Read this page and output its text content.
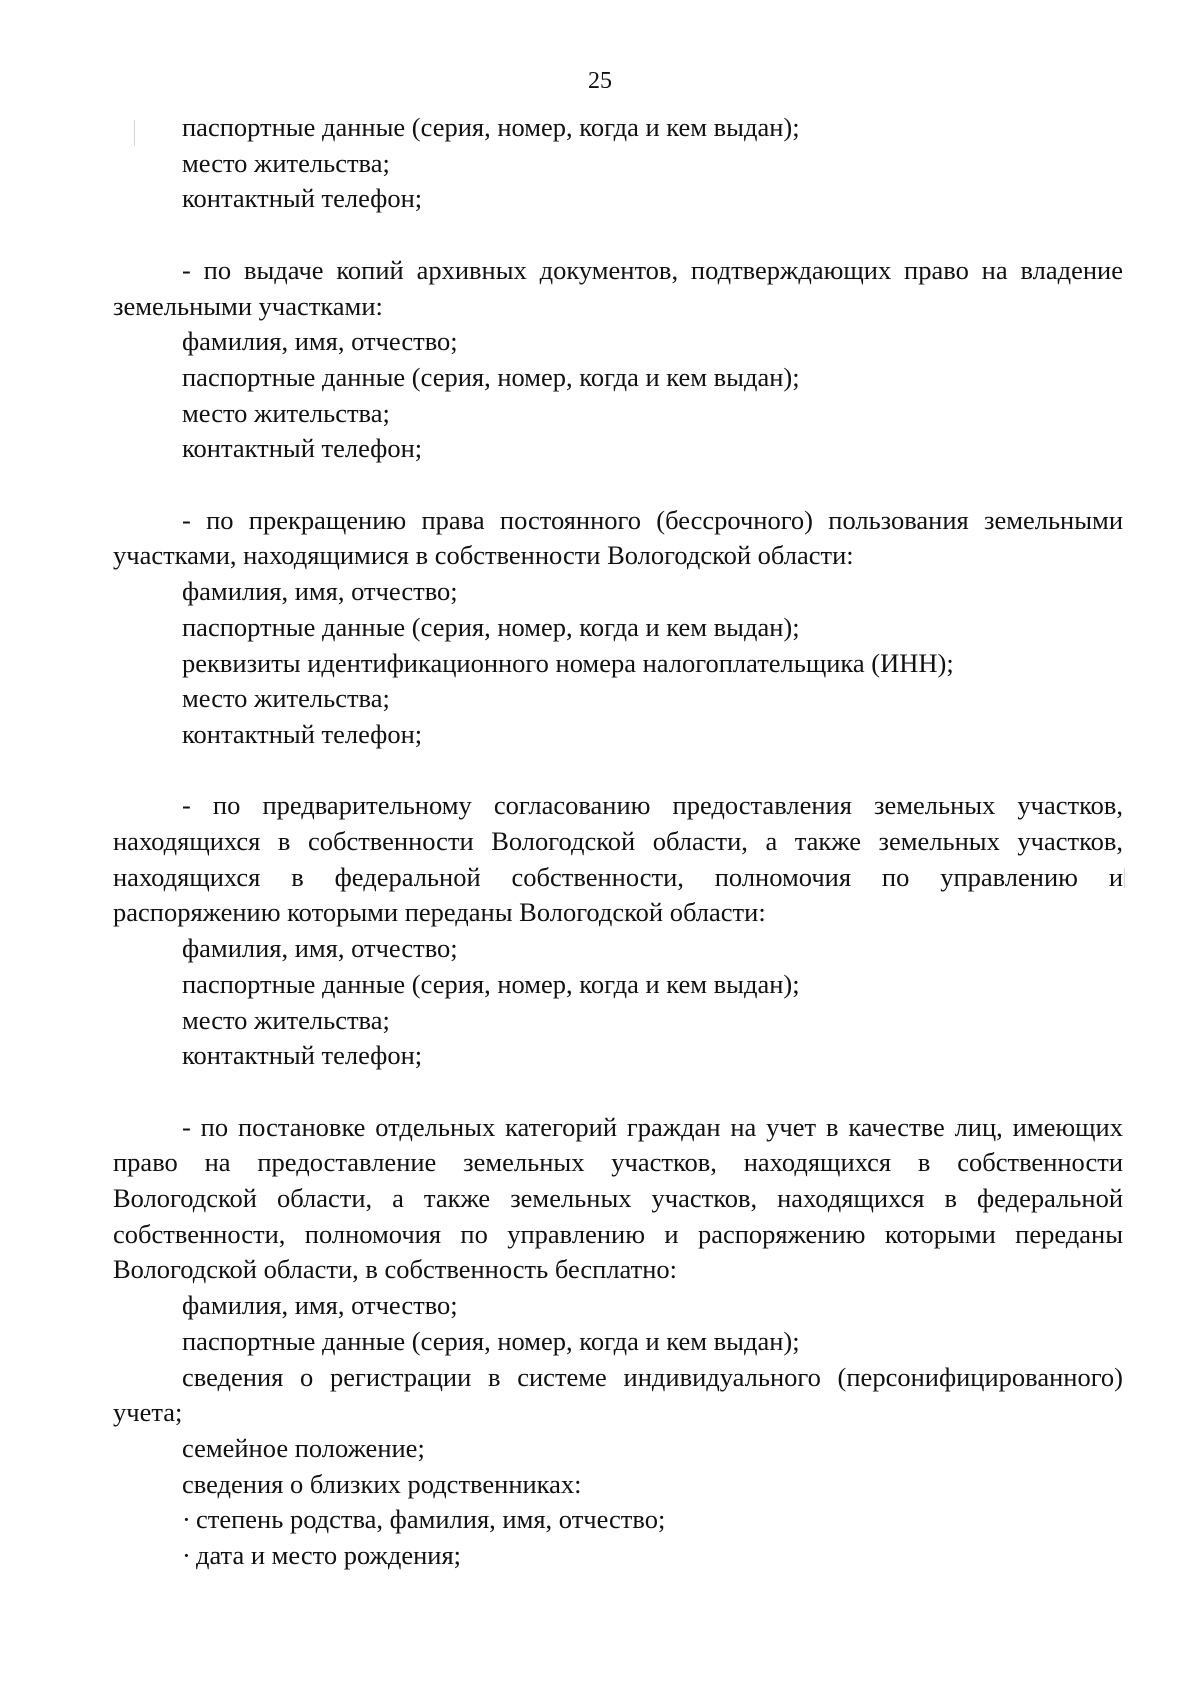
25

паспортные данные (серия, номер, когда и кем выдан);

место жительства;

контактный телефон;

- по выдаче копий архивных документов, подтверждающих право на владение земельными участками:

фамилия, имя, отчество;

паспортные данные (серия, номер, когда и кем выдан);

место жительства;

контактный телефон;

- по прекращению права постоянного (бессрочного) пользования земельными участками, находящимися в собственности Вологодской области:

фамилия, имя, отчество;

паспортные данные (серия, номер, когда и кем выдан);

реквизиты идентификационного номера налогоплательщика (ИНН);

место жительства;

контактный телефон;

- по предварительному согласованию предоставления земельных участков, находящихся в собственности Вологодской области, а также земельных участков, находящихся в федеральной собственности, полномочия по управлению и распоряжению которыми переданы Вологодской области:

фамилия, имя, отчество;

паспортные данные (серия, номер, когда и кем выдан);

место жительства;

контактный телефон;

- по постановке отдельных категорий граждан на учет в качестве лиц, имеющих право на предоставление земельных участков, находящихся в собственности Вологодской области, а также земельных участков, находящихся в федеральной собственности, полномочия по управлению и распоряжению которыми переданы Вологодской области, в собственность бесплатно:

фамилия, имя, отчество;

паспортные данные (серия, номер, когда и кем выдан);

сведения о регистрации в системе индивидуального (персонифицированного) учета;

семейное положение;

сведения о близких родственниках:

· степень родства, фамилия, имя, отчество;

· дата и место рождения;
